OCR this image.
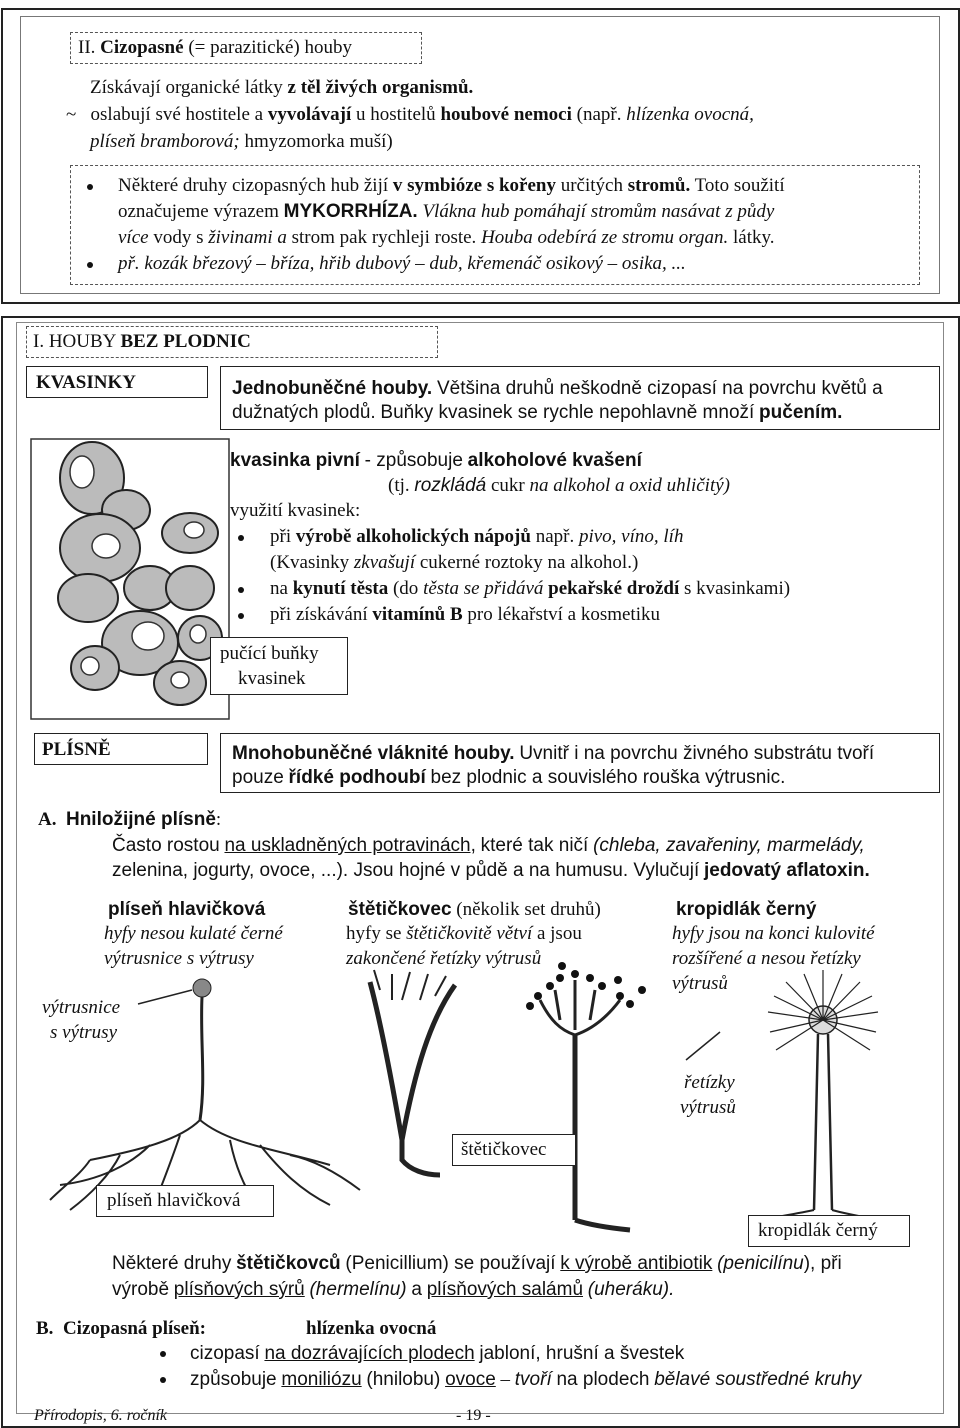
II. Cizopasné (= parazitické) houby
Získávají organické látky z těl živých organismů.
~ oslabují své hostitele a vyvolávají u hostitelů houbové nemoci (např. hlízenka ovocná,
plíseň bramborová; hmyzomorka muší)
Některé druhy cizopasných hub žijí v symbióze s kořeny určitých stromů. Toto soužití
označujeme výrazem MYKORRHÍZA. Vlákna hub pomáhají stromům nasávat z půdy
více vody s živinami a strom pak rychleji roste. Houba odebírá ze stromu organ. látky.
př. kozák březový – bříza, hřib dubový – dub, křemenáč osikový – osika, ...
I. HOUBY BEZ PLODNIC
KVASINKY	Jednobuněčné houby. Většina druhů neškodně cizopasí na povrchu květů a
dužnatých plodů. Buňky kvasinek se rychle nepohlavně množí pučením.
kvasinka pivní - způsobuje alkoholové kvašení
(tj. rozkládá cukr na alkohol a oxid uhličitý)
využití kvasinek:
při výrobě alkoholických nápojů např. pivo, víno, líh
(Kvasinky zkvašují cukerné roztoky na alkohol.)
na kynutí těsta (do těsta se přidává pekařské droždí s kvasinkami)
při získávání vitamínů B pro lékařství a kosmetiku
pučící buňky
kvasinek
PLÍSNĚ	Mnohobuněčné vláknité houby. Uvnitř i na povrchu živného substrátu tvoří
pouze řídké podhoubí bez plodnic a souvislého rouška výtrusnic.
A. Hniložijné plísně:
Často rostou na uskladněných potravinách, které tak ničí (chleba, zavařeniny, marmelády,
zelenina, jogurty, ovoce, ...). Jsou hojné v půdě a na humusu. Vylučují jedovatý aflatoxin.
plíseň hlavičková
hyfy nesou kulaté černé
výtrusnice s výtrusy
štětičkovec (několik set druhů)
hyfy se štětičkovitě větví a jsou
zakončené řetízky výtrusů
kropidlák černý
hyfy jsou na konci kulovité
rozšířené a nesou řetízky
výtrusů
výtrusnice
s výtrusy
řetízky
výtrusů
štětičkovec
plíseň hlavičková
kropidlák černý
Některé druhy štětičkovců (Penicillium) se používají k výrobě antibiotik (penicilínu), při
výrobě plísňových sýrů (hermelínu) a plísňových salámů (uheráku).
B. Cizopasná plíseň:	hlízenka ovocná
cizopasí na dozrávajících plodech jabloní, hrušní a švestek
způsobuje moniliózu (hnilobu) ovoce – tvoří na plodech bělavé soustředné kruhy
Přírodopis, 6. ročník	- 19 -
